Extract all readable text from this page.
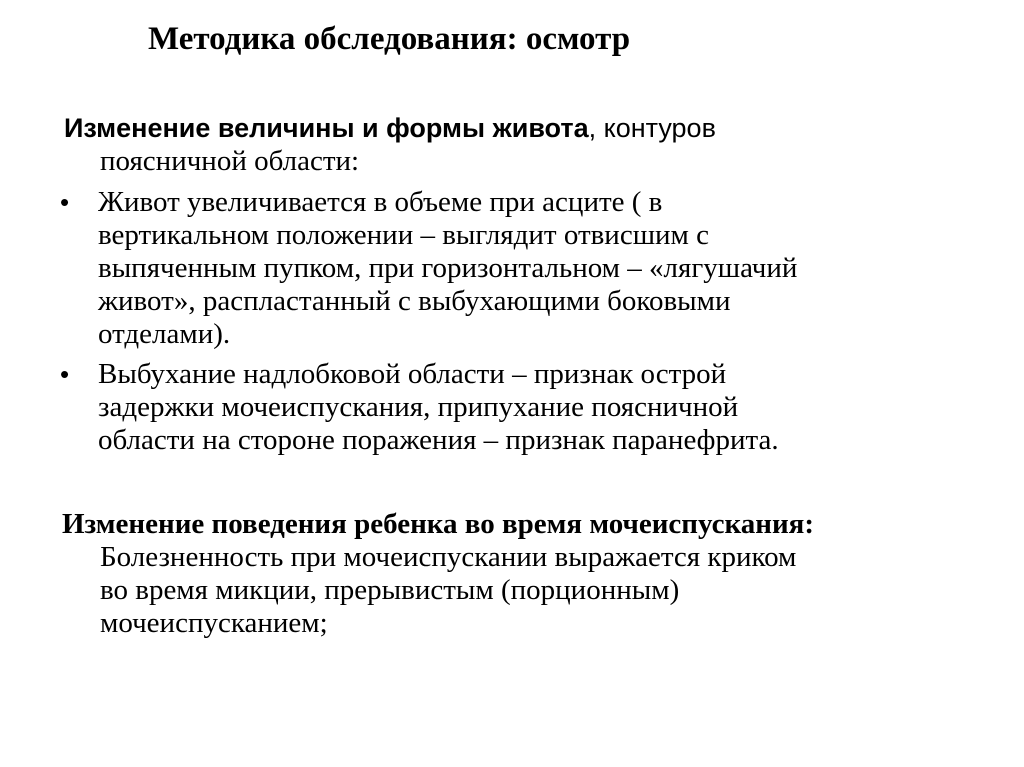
Методика обследования: осмотр
Изменение величины и формы живота, контуров
поясничной области:
• Живот увеличивается в объеме при асците ( в
вертикальном положении – выглядит отвисшим с
выпяченным пупком, при горизонтальном – «лягушачий
живот», распластанный с выбухающими боковыми
отделами).
• Выбухание надлобковой области – признак острой
задержки мочеиспускания, припухание поясничной
области на стороне поражения – признак паранефрита.
Изменение поведения ребенка во время мочеиспускания:
Болезненность при мочеиспускании выражается криком
во время микции, прерывистым (порционным)
мочеиспусканием;
